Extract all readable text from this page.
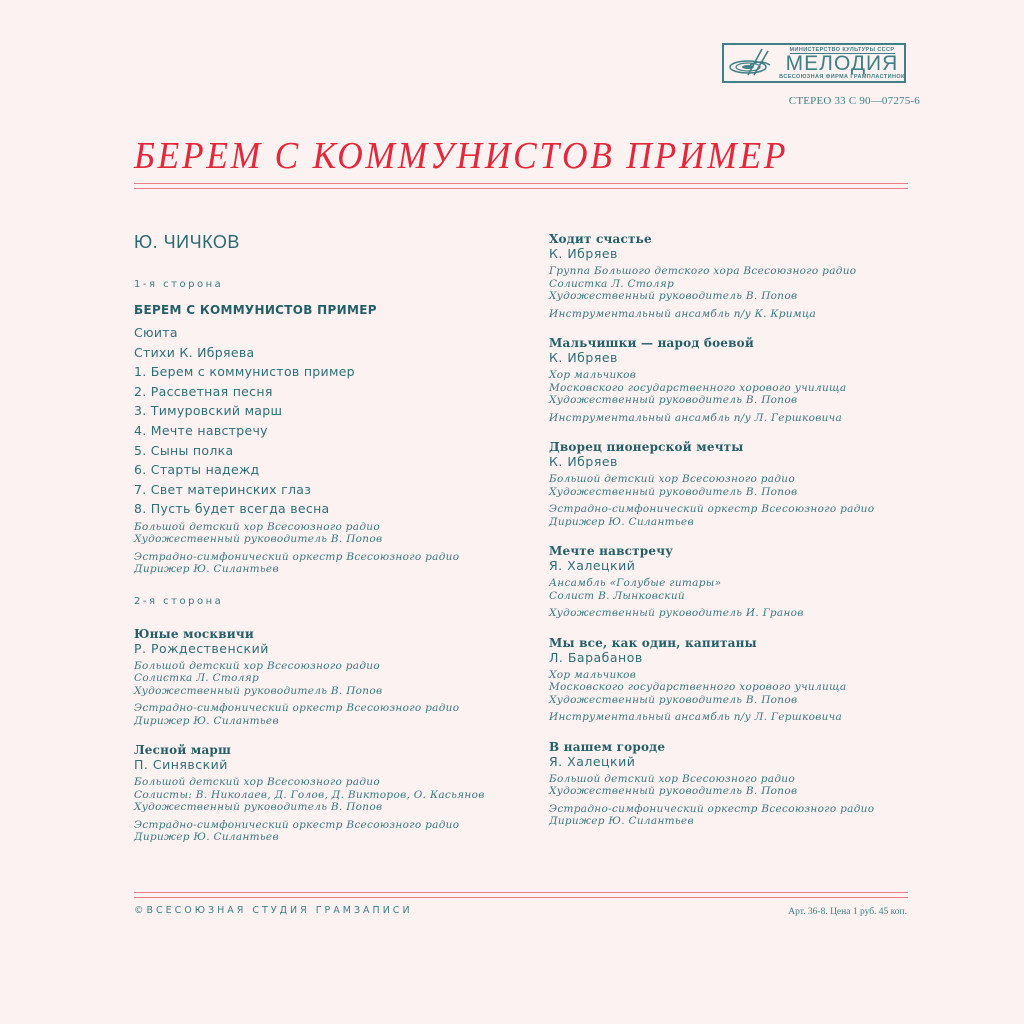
МИНИСТЕРСТВО КУЛЬТУРЫ СССР
МЕЛОДИЯ
ВСЕСОЮЗНАЯ ФИРМА ГРАМПЛАСТИНОК
СТЕРЕО 33 С 90—07275-6
БЕРЕМ С КОММУНИСТОВ ПРИМЕР
Ю. ЧИЧКОВ
1-я сторона
БЕРЕМ С КОММУНИСТОВ ПРИМЕР
Сюита
Стихи К. Ибряева
1. Берем с коммунистов пример
2. Рассветная песня
3. Тимуровский марш
4. Мечте навстречу
5. Сыны полка
6. Старты надежд
7. Свет материнских глаз
8. Пусть будет всегда весна
Большой детский хор Всесоюзного радио
Художественный руководитель В. Попов
Эстрадно-симфонический оркестр Всесоюзного радио
Дирижер Ю. Силантьев
2-я сторона
Юные москвичи
Р. Рождественский
Большой детский хор Всесоюзного радио
Солистка Л. Столяр
Художественный руководитель В. Попов
Эстрадно-симфонический оркестр Всесоюзного радио
Дирижер Ю. Силантьев
Лесной марш
П. Синявский
Большой детский хор Всесоюзного радио
Солисты: В. Николаев, Д. Голов, Д. Викторов, О. Касьянов
Художественный руководитель В. Попов
Эстрадно-симфонический оркестр Всесоюзного радио
Дирижер Ю. Силантьев
Ходит счастье
К. Ибряев
Группа Большого детского хора Всесоюзного радио
Солистка Л. Столяр
Художественный руководитель В. Попов
Инструментальный ансамбль п/у К. Кримца
Мальчишки — народ боевой
К. Ибряев
Хор мальчиков
Московского государственного хорового училища
Художественный руководитель В. Попов
Инструментальный ансамбль п/у Л. Гершковича
Дворец пионерской мечты
К. Ибряев
Большой детский хор Всесоюзного радио
Художественный руководитель В. Попов
Эстрадно-симфонический оркестр Всесоюзного радио
Дирижер Ю. Силантьев
Мечте навстречу
Я. Халецкий
Ансамбль «Голубые гитары»
Солист В. Лынковский
Художественный руководитель И. Гранов
Мы все, как один, капитаны
Л. Барабанов
Хор мальчиков
Московского государственного хорового училища
Художественный руководитель В. Попов
Инструментальный ансамбль п/у Л. Гершковича
В нашем городе
Я. Халецкий
Большой детский хор Всесоюзного радио
Художественный руководитель В. Попов
Эстрадно-симфонический оркестр Всесоюзного радио
Дирижер Ю. Силантьев
©ВСЕСОЮЗНАЯ СТУДИЯ ГРАМЗАПИСИ	Арт. 36-8. Цена 1 руб. 45 коп.
